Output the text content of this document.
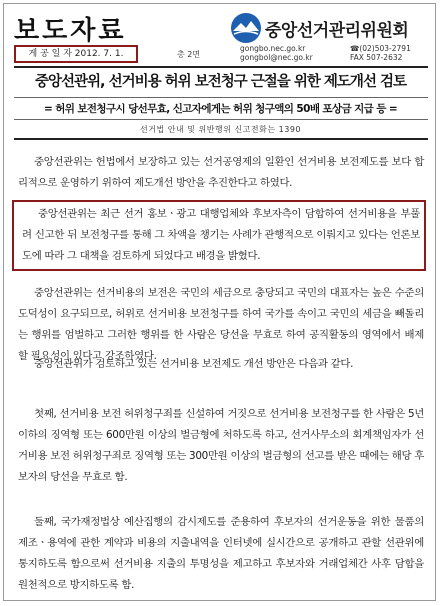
보도자료	중앙선거관리위원회
게 공 일 자 2012. 7. 1.	총 2면
gongbo.nec.go.kr
gongbol@nec.go.kr
☎(02)503-2791
FAX 507-2632
중앙선관위, 선거비용 허위 보전청구 근절을 위한 제도개선 검토
= 허위 보전청구시 당선무효, 신고자에게는 허위 청구액의 50배 포상금 지급 등 =
선거법 안내 및 위반행위 신고전화는 1390

중앙선관위는 헌법에서 보장하고 있는 선거공영제의 일환인 선거비용 보전제도를 보다 합리적으로 운영하기 위하여 제도개선 방안을 추진한다고 하였다.

중앙선관위는 최근 선거 홍보ㆍ광고 대행업체와 후보자측이 담합하여 선거비용을 부풀려 신고한 뒤 보전청구를 통해 그 차액을 챙기는 사례가 관행적으로 이뤄지고 있다는 언론보도에 따라 그 대책을 검토하게 되었다고 배경을 밝혔다.

중앙선관위는 선거비용의 보전은 국민의 세금으로 충당되고 국민의 대표자는 높은 수준의 도덕성이 요구되므로, 허위로 선거비용 보전청구를 하여 국가를 속이고 국민의 세금을 빼돌리는 행위를 엄벌하고 그러한 행위를 한 사람은 당선을 무효로 하여 공직활동의 영역에서 배제할 필요성이 있다고 강조하였다.

중앙선관위가 검토하고 있는 선거비용 보전제도 개선 방안은 다음과 같다.

첫째, 선거비용 보전 허위청구죄를 신설하여 거짓으로 선거비용 보전청구를 한 사람은 5년 이하의 징역형 또는 600만원 이상의 벌금형에 처하도록 하고, 선거사무소의 회계책임자가 선거비용 보전 허위청구죄로 징역형 또는 300만원 이상의 벌금형의 선고를 받은 때에는 해당 후보자의 당선을 무효로 함.

둘째, 국가재정법상 예산집행의 감시제도를 준용하여 후보자의 선거운동을 위한 물품의 제조ㆍ용역에 관한 계약과 비용의 지출내역을 인터넷에 실시간으로 공개하고 관할 선관위에 통지하도록 함으로써 선거비용 지출의 투명성을 제고하고 후보자와 거래업체간 사후 담합을 원천적으로 방지하도록 함.
